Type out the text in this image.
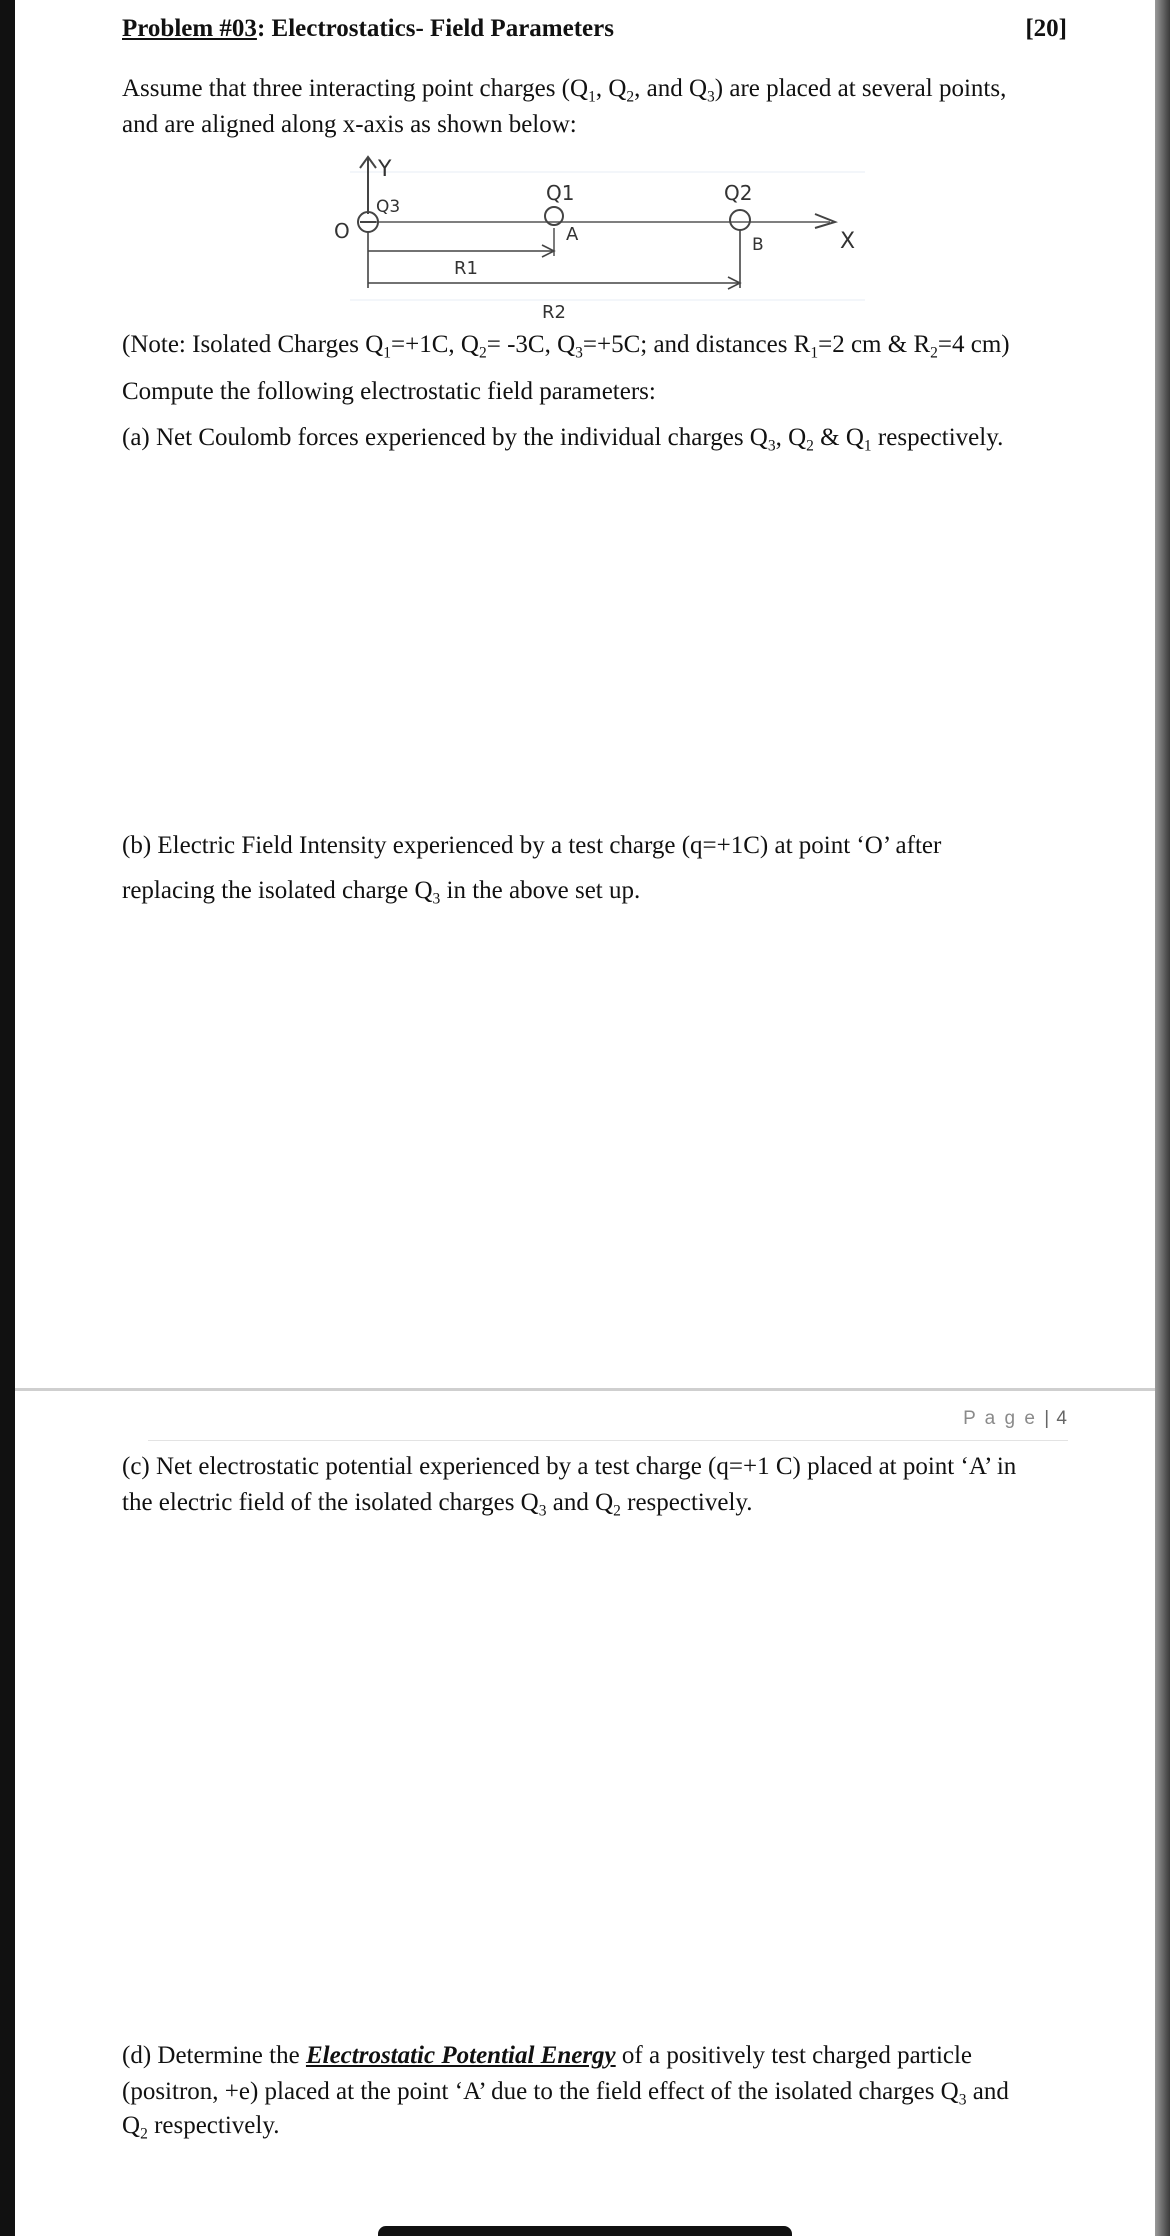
Problem #03: Electrostatics- Field Parameters	[20]
Assume that three interacting point charges ($Q_1$, $Q_2$, and $Q_3$) are placed at several points,
and are aligned along x-axis as shown below:
Y
X
O
Q3
Q1
A
Q2
B
R1
R2
(Note: Isolated Charges $Q_1=+1C$, $Q_2= -3C$, $Q_3=+5C$; and distances $R_1=2$ cm & $R_2=4$ cm)
Compute the following electrostatic field parameters:
(a) Net Coulomb forces experienced by the individual charges $Q_3$, $Q_2$ & $Q_1$ respectively.
(b) Electric Field Intensity experienced by a test charge (q=+1C) at point ‘O’ after
replacing the isolated charge $Q_3$ in the above set up.
P a g e | 4
(c) Net electrostatic potential experienced by a test charge (q=+1 C) placed at point ‘A’ in
the electric field of the isolated charges $Q_3$ and $Q_2$ respectively.
(d) Determine the Electrostatic Potential Energy of a positively test charged particle
(positron, +e) placed at the point ‘A’ due to the field effect of the isolated charges $Q_3$ and
$Q_2$ respectively.
